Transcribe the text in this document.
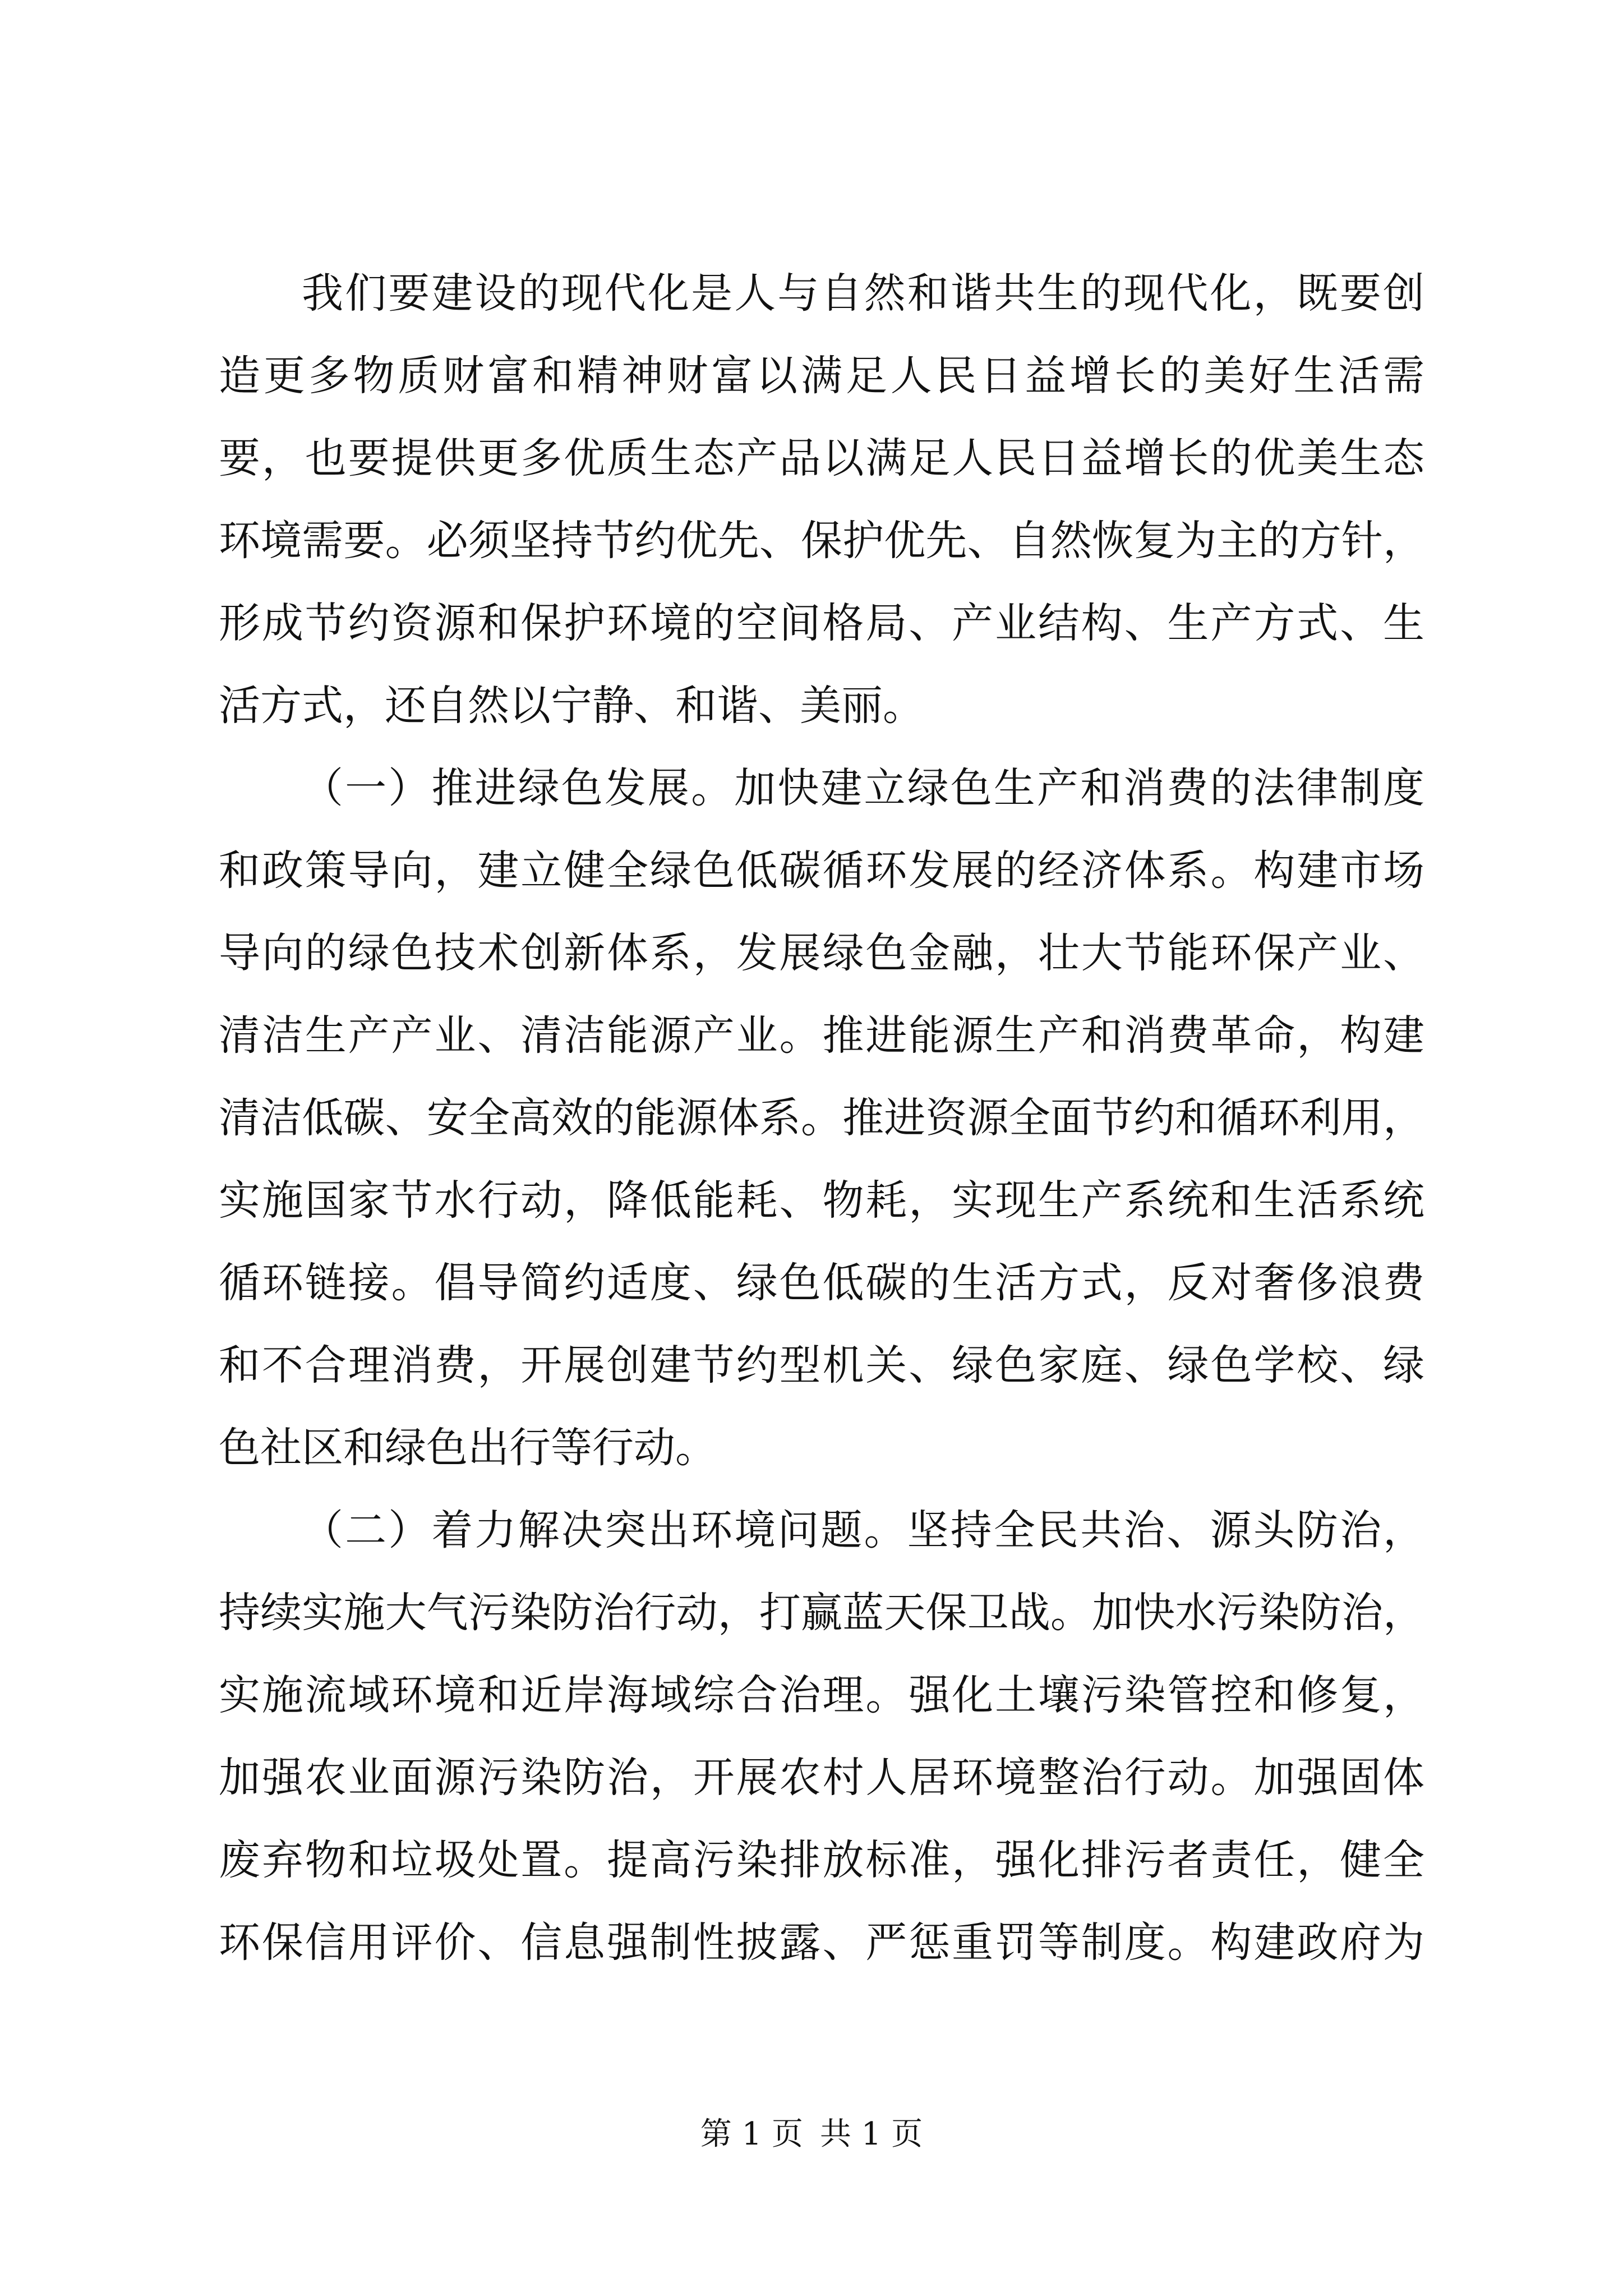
我们要建设的现代化是人与自然和谐共生的现代化，既要创
造更多物质财富和精神财富以满足人民日益增长的美好生活需
要，也要提供更多优质生态产品以满足人民日益增长的优美生态
环境需要。必须坚持节约优先、保护优先、自然恢复为主的方针，
形成节约资源和保护环境的空间格局、产业结构、生产方式、生
活方式，还自然以宁静、和谐、美丽。
（一）推进绿色发展。加快建立绿色生产和消费的法律制度
和政策导向，建立健全绿色低碳循环发展的经济体系。构建市场
导向的绿色技术创新体系，发展绿色金融，壮大节能环保产业、
清洁生产产业、清洁能源产业。推进能源生产和消费革命，构建
清洁低碳、安全高效的能源体系。推进资源全面节约和循环利用，
实施国家节水行动，降低能耗、物耗，实现生产系统和生活系统
循环链接。倡导简约适度、绿色低碳的生活方式，反对奢侈浪费
和不合理消费，开展创建节约型机关、绿色家庭、绿色学校、绿
色社区和绿色出行等行动。
（二）着力解决突出环境问题。坚持全民共治、源头防治，
持续实施大气污染防治行动，打赢蓝天保卫战。加快水污染防治，
实施流域环境和近岸海域综合治理。强化土壤污染管控和修复，
加强农业面源污染防治，开展农村人居环境整治行动。加强固体
废弃物和垃圾处置。提高污染排放标准，强化排污者责任，健全
环保信用评价、信息强制性披露、严惩重罚等制度。构建政府为
第 1 页 共 1 页
